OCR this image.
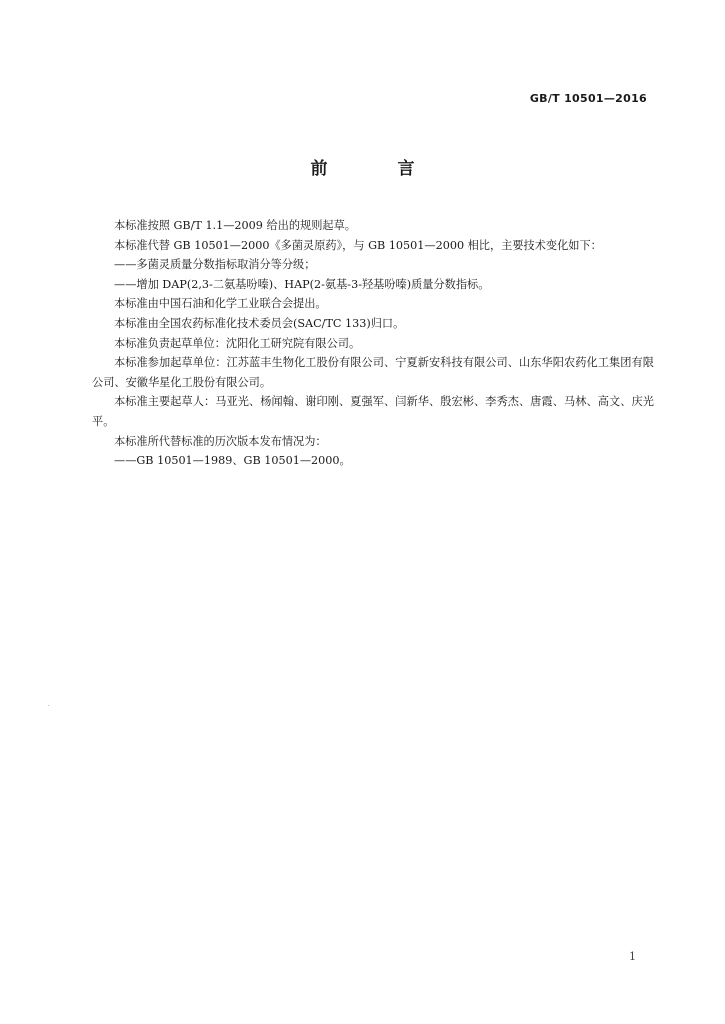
GB/T 10501—2016
前 言

本标准按照 GB/T 1.1—2009 给出的规则起草。

本标准代替 GB 10501—2000《多菌灵原药》，与 GB 10501—2000 相比，主要技术变化如下：

——多菌灵质量分数指标取消分等分级；

——增加 DAP(2,3-二氨基吩嗪)、HAP(2-氨基-3-羟基吩嗪)质量分数指标。

本标准由中国石油和化学工业联合会提出。

本标准由全国农药标准化技术委员会(SAC/TC 133)归口。

本标准负责起草单位：沈阳化工研究院有限公司。

本标准参加起草单位：江苏蓝丰生物化工股份有限公司、宁夏新安科技有限公司、山东华阳农药化工集团有限公司、安徽华星化工股份有限公司。

本标准主要起草人：马亚光、杨闻翰、谢印刚、夏强军、闫新华、殷宏彬、李秀杰、唐霞、马林、高文、庆光平。

本标准所代替标准的历次版本发布情况为：

——GB 10501—1989、GB 10501—2000。

1
